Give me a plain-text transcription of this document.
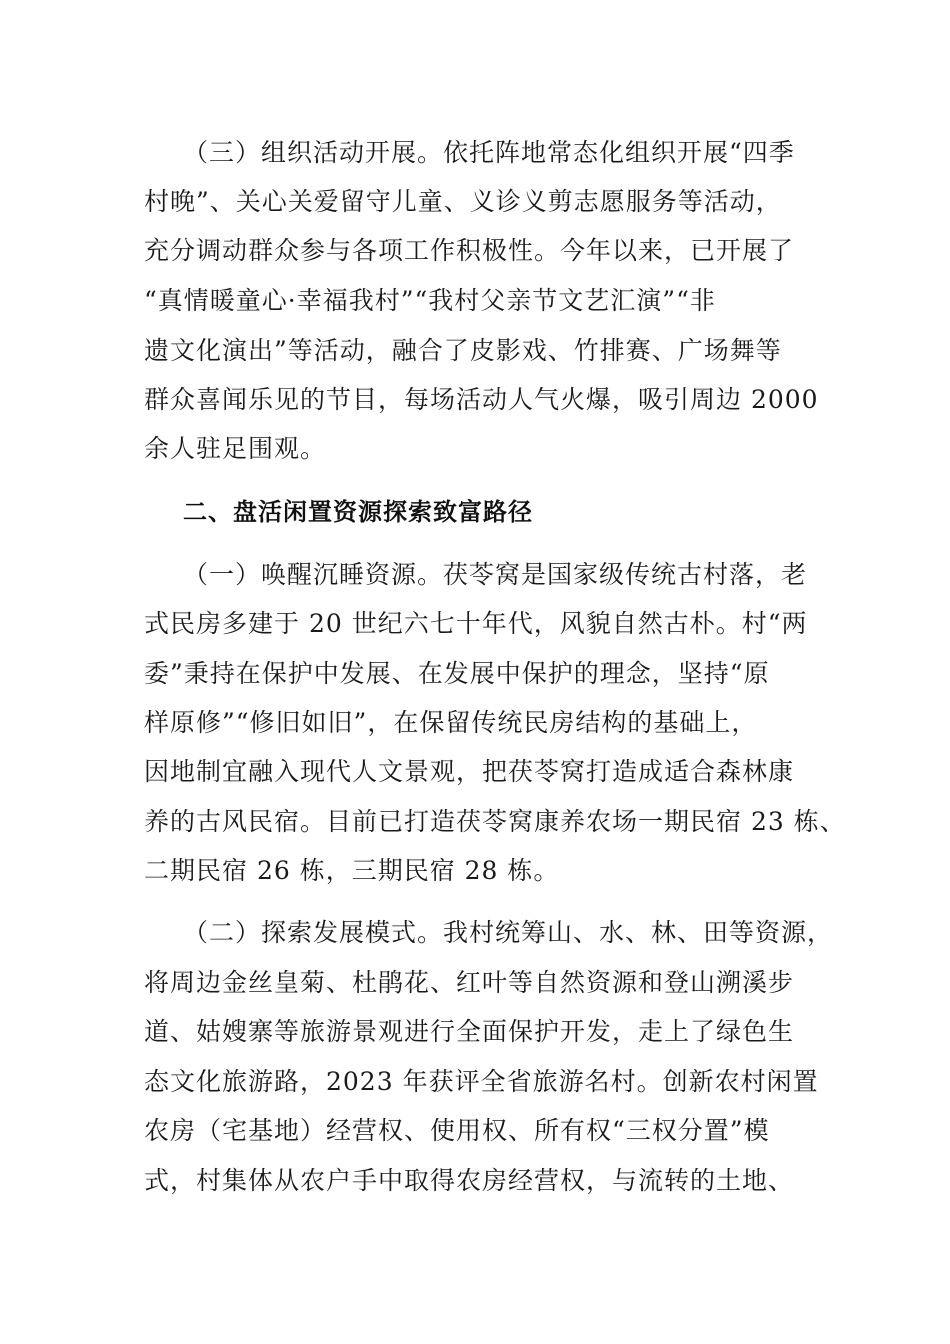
（三）组织活动开展。依托阵地常态化组织开展“四季
村晚”、关心关爱留守儿童、义诊义剪志愿服务等活动，
充分调动群众参与各项工作积极性。今年以来，已开展了
“真情暖童心·幸福我村”“我村父亲节文艺汇演”“非
遗文化演出”等活动，融合了皮影戏、竹排赛、广场舞等
群众喜闻乐见的节目，每场活动人气火爆，吸引周边 2000
余人驻足围观。
二、盘活闲置资源探索致富路径
（一）唤醒沉睡资源。茯苓窝是国家级传统古村落，老
式民房多建于 20 世纪六七十年代，风貌自然古朴。村“两
委”秉持在保护中发展、在发展中保护的理念，坚持“原
样原修”“修旧如旧”，在保留传统民房结构的基础上，
因地制宜融入现代人文景观，把茯苓窝打造成适合森林康
养的古风民宿。目前已打造茯苓窝康养农场一期民宿 23 栋、
二期民宿 26 栋，三期民宿 28 栋。
（二）探索发展模式。我村统筹山、水、林、田等资源，
将周边金丝皇菊、杜鹃花、红叶等自然资源和登山溯溪步
道、姑嫂寨等旅游景观进行全面保护开发，走上了绿色生
态文化旅游路，2023 年获评全省旅游名村。创新农村闲置
农房（宅基地）经营权、使用权、所有权“三权分置”模
式，村集体从农户手中取得农房经营权，与流转的土地、
